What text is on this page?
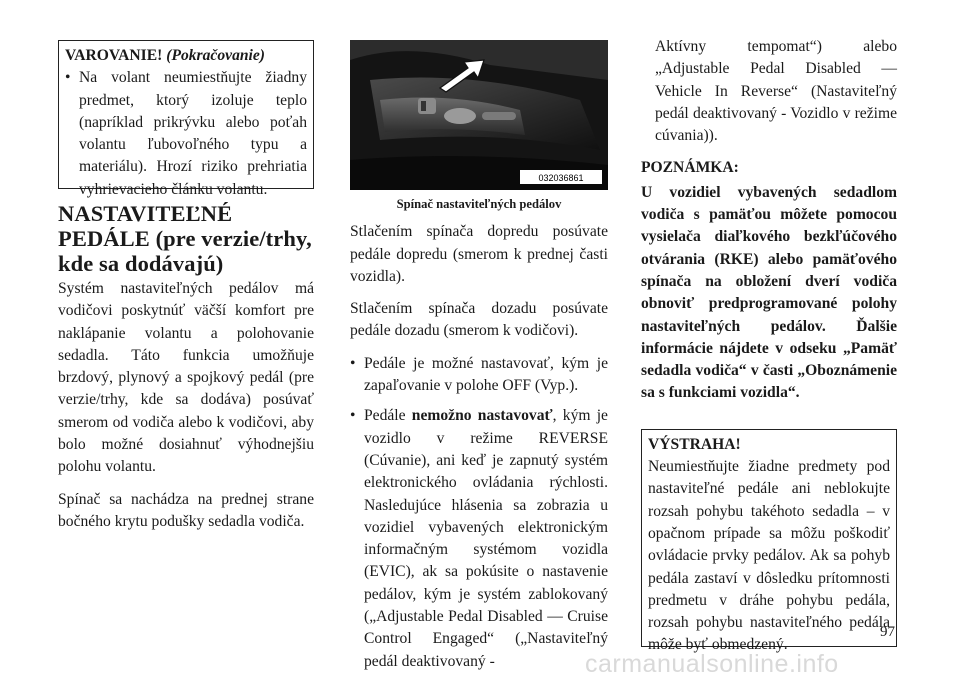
VAROVANIE! (Pokračovanie)
• Na volant neumiestňujte žiadny predmet, ktorý izoluje teplo (napríklad prikrývku alebo poťah volantu ľubovoľného typu a materiálu). Hrozí riziko prehriatia vyhrievacieho článku volantu.
NASTAVITEĽNÉ PEDÁLE (pre verzie/trhy, kde sa dodávajú)

Systém nastaviteľných pedálov má vodičovi poskytnúť väčší komfort pre naklápanie volantu a polohovanie sedadla. Táto funkcia umožňuje brzdový, plynový a spojkový pedál (pre verzie/trhy, kde sa dodáva) posúvať smerom od vodiča alebo k vodičovi, aby bolo možné dosiahnuť výhodnejšiu polohu volantu.

Spínač sa nachádza na prednej strane bočného krytu podušky sedadla vodiča.

032036861
Spínač nastaviteľných pedálov

Stlačením spínača dopredu posúvate pedále dopredu (smerom k prednej časti vozidla).

Stlačením spínača dozadu posúvate pedále dozadu (smerom k vodičovi).

• Pedále je možné nastavovať, kým je zapaľovanie v polohe OFF (Vyp.).
• Pedále nemožno nastavovať, kým je vozidlo v režime REVERSE (Cúvanie), ani keď je zapnutý systém elektronického ovládania rýchlosti. Nasledujúce hlásenia sa zobrazia u vozidiel vybavených elektronickým informačným systémom vozidla (EVIC), ak sa pokúsite o nastavenie pedálov, kým je systém zablokovaný („Adjustable Pedal Disabled — Cruise Control Engaged“ („Nastaviteľný pedál deaktivovaný -

Aktívny tempomat“) alebo „Adjustable Pedal Disabled — Vehicle In Reverse“ (Nastaviteľný pedál deaktivovaný - Vozidlo v režime cúvania)).

POZNÁMKA:
U vozidiel vybavených sedadlom vodiča s pamäťou môžete pomocou vysielača diaľkového bezkľúčového otvárania (RKE) alebo pamäťového spínača na obložení dverí vodiča obnoviť predprogramované polohy nastaviteľných pedálov. Ďalšie informácie nájdete v odseku „Pamäť sedadla vodiča“ v časti „Oboznámenie sa s funkciami vozidla“.
VÝSTRAHA!
Neumiestňujte žiadne predmety pod nastaviteľné pedále ani neblokujte rozsah pohybu takéhoto sedadla – v opačnom prípade sa môžu poškodiť ovládacie prvky pedálov. Ak sa pohyb pedála zastaví v dôsledku prítomnosti predmetu v dráhe pohybu pedála, rozsah pohybu nastaviteľného pedála môže byť obmedzený.
97
carmanualsonline.info
